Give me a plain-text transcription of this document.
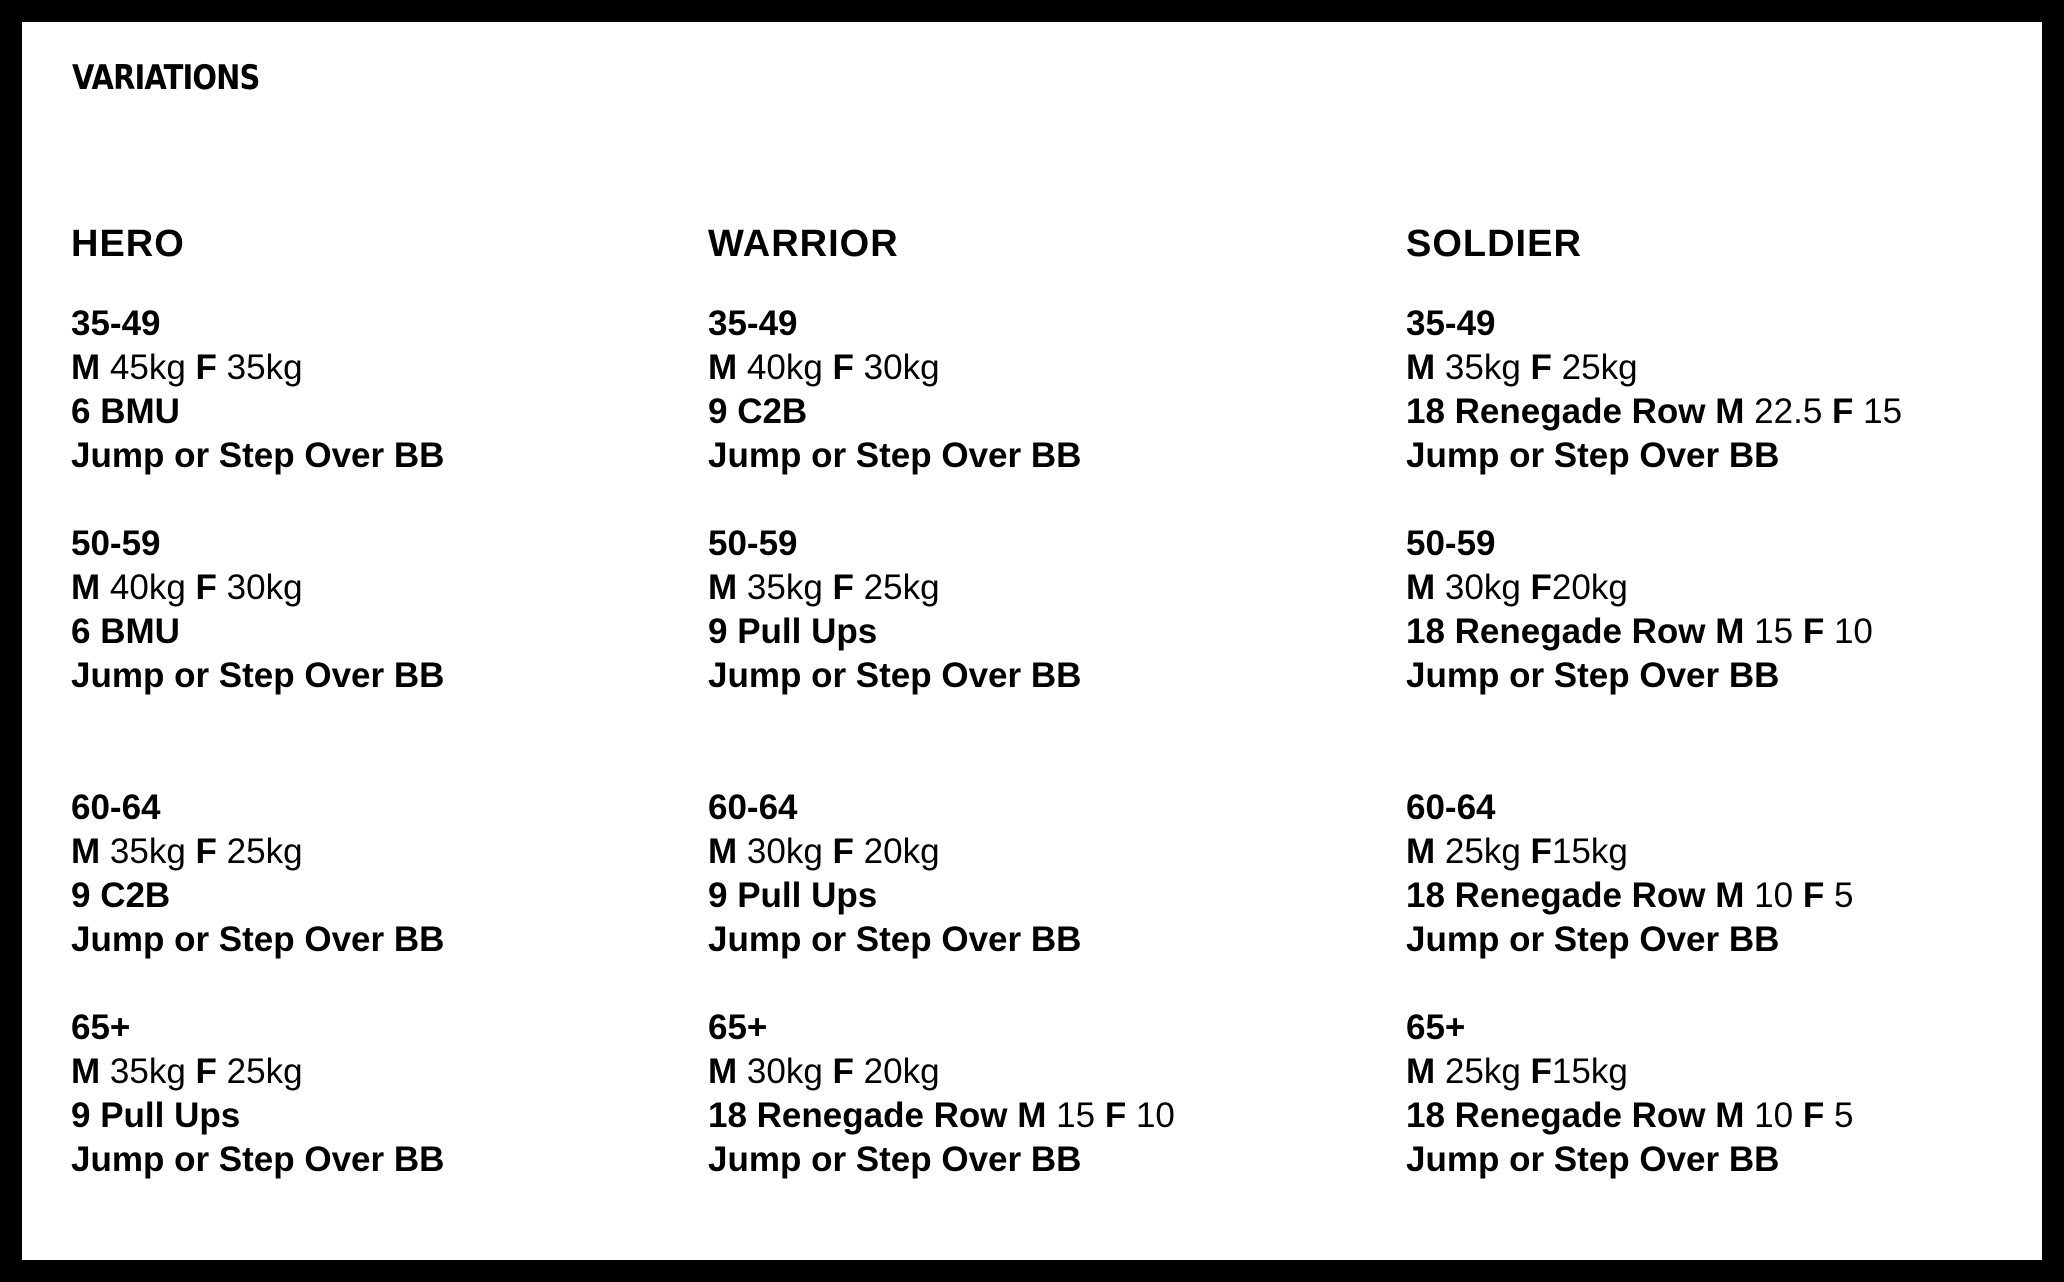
VARIATIONS
HERO
35-49
M 45kg F 35kg
6 BMU
Jump or Step Over BB
50-59
M 40kg F 30kg
6 BMU
Jump or Step Over BB
60-64
M 35kg F 25kg
9 C2B
Jump or Step Over BB
65+
M 35kg F 25kg
9 Pull Ups
Jump or Step Over BB
WARRIOR
35-49
M 40kg F 30kg
9 C2B
Jump or Step Over BB
50-59
M 35kg F 25kg
9 Pull Ups
Jump or Step Over BB
60-64
M 30kg F 20kg
9 Pull Ups
Jump or Step Over BB
65+
M 30kg F 20kg
18 Renegade Row M 15 F 10
Jump or Step Over BB
SOLDIER
35-49
M 35kg F 25kg
18 Renegade Row M 22.5 F 15
Jump or Step Over BB
50-59
M 30kg F20kg
18 Renegade Row M 15 F 10
Jump or Step Over BB
60-64
M 25kg F15kg
18 Renegade Row M 10 F 5
Jump or Step Over BB
65+
M 25kg F15kg
18 Renegade Row M 10 F 5
Jump or Step Over BB
